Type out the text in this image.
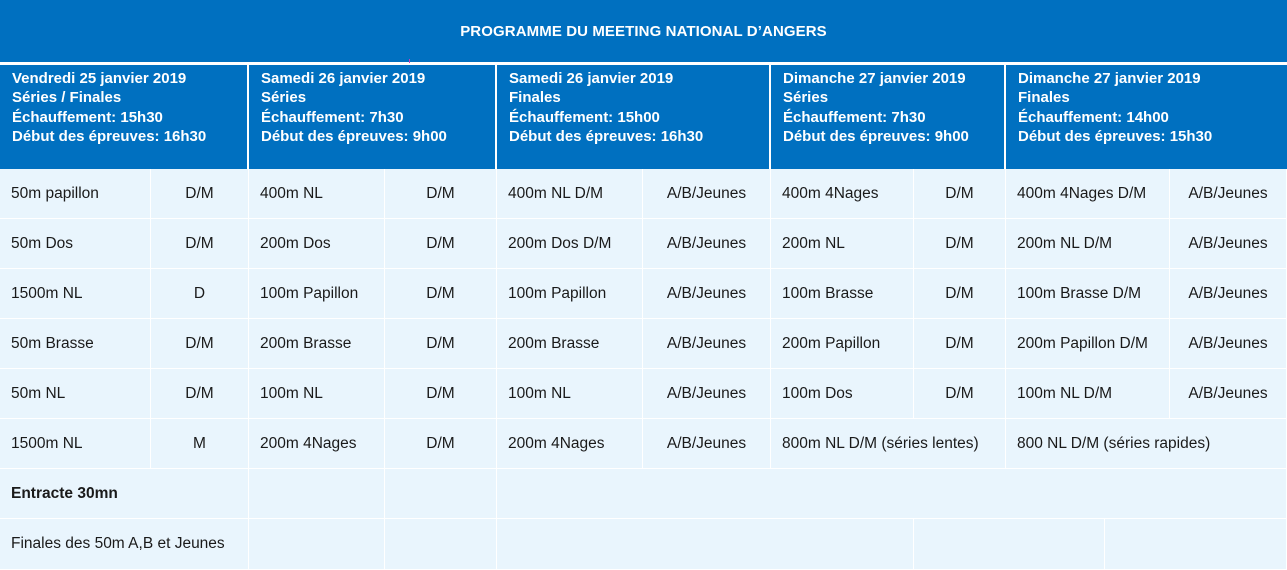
PROGRAMME DU MEETING NATIONAL D’ANGERS
Vendredi 25 janvier 2019
Séries / Finales
Échauffement: 15h30
Début des épreuves: 16h30
Samedi 26 janvier 2019
Séries
Échauffement: 7h30
Début des épreuves: 9h00
Samedi 26 janvier 2019
Finales
Échauffement: 15h00
Début des épreuves: 16h30
Dimanche 27 janvier 2019
Séries
Échauffement: 7h30
Début des épreuves: 9h00
Dimanche 27 janvier 2019
Finales
Échauffement: 14h00
Début des épreuves: 15h30
50m papillon	D/M	400m NL	D/M	400m NL D/M	A/B/Jeunes	400m 4Nages	D/M	400m 4Nages D/M	A/B/Jeunes
50m Dos	D/M	200m Dos	D/M	200m Dos D/M	A/B/Jeunes	200m NL	D/M	200m NL D/M	A/B/Jeunes
1500m NL	D	100m Papillon	D/M	100m Papillon	A/B/Jeunes	100m Brasse	D/M	100m Brasse D/M	A/B/Jeunes
50m Brasse	D/M	200m Brasse	D/M	200m Brasse	A/B/Jeunes	200m Papillon	D/M	200m Papillon D/M	A/B/Jeunes
50m NL	D/M	100m NL	D/M	100m NL	A/B/Jeunes	100m Dos	D/M	100m NL D/M	A/B/Jeunes
1500m NL	M	200m 4Nages	D/M	200m 4Nages	A/B/Jeunes	800m NL D/M (séries lentes)	800 NL D/M (séries rapides)
Entracte 30mn
Finales des 50m A,B et Jeunes
